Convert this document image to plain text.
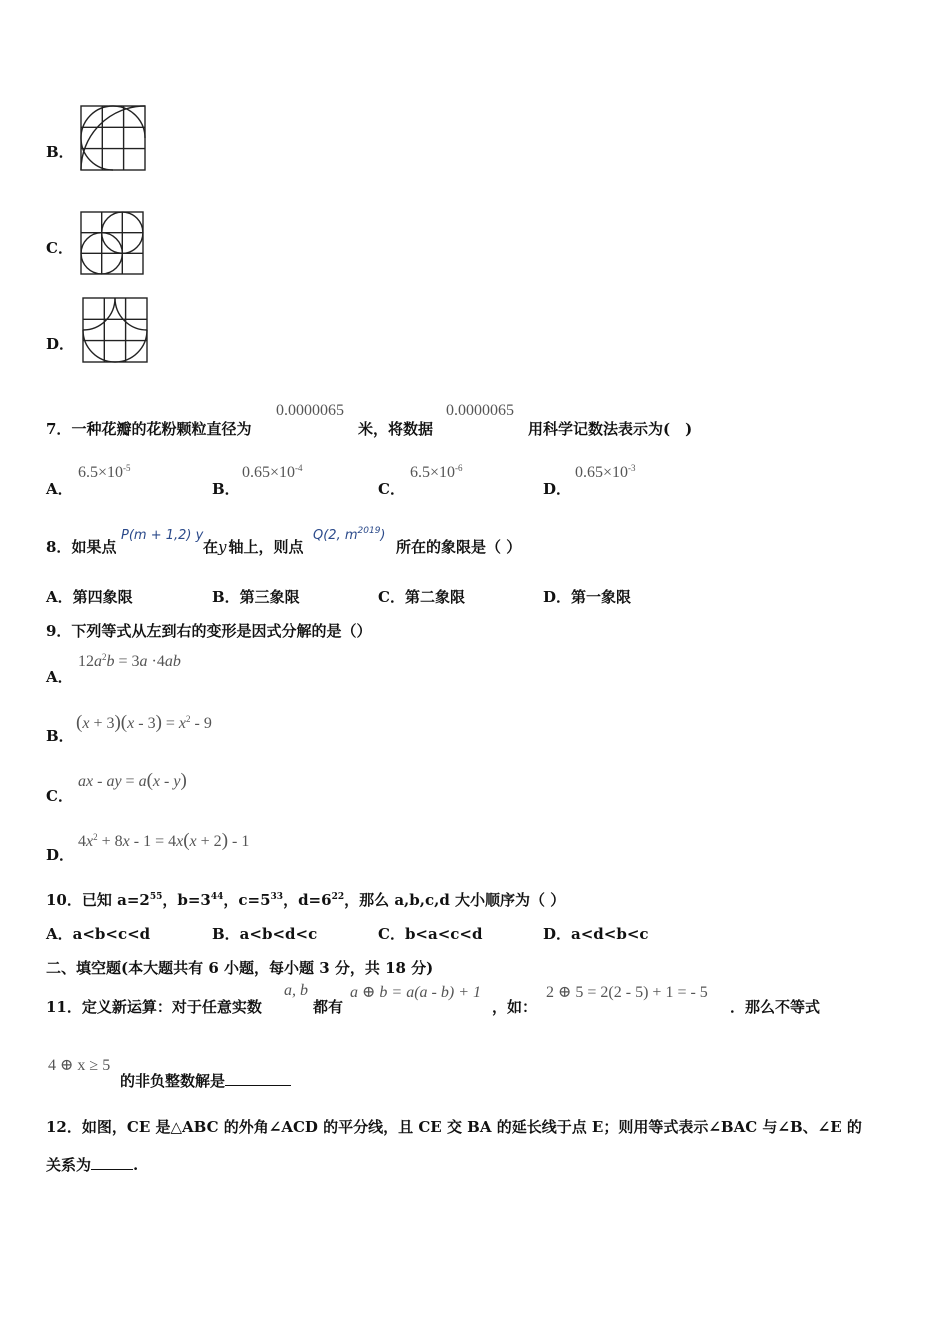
B．
C．
D．
7．一种花瓣的花粉颗粒直径为
0.0000065
米，将数据
0.0000065
用科学记数法表示为(　)
A．
$6.5\times 10^{-5}$
B．
$0.65\times 10^{-4}$
C．
$6.5\times 10^{-6}$
D．
$0.65\times 10^{-3}$
8．如果点
P(m + 1,2) y
在 y 轴上，则点
Q(2, $m^{2019}$)
所在的象限是（ ）
A．第四象限	B．第三象限	C．第二象限	D．第一象限
9．下列等式从左到右的变形是因式分解的是（）
A．
$12a^2b = 3a \cdot 4ab$
B．
$(x + 3)(x - 3) = x^2 - 9$
C．
ax - ay = a(x - y)
D．
$4x^2 + 8x - 1 = 4x(x + 2) - 1$
10．已知 $a=2^{55}$，$b=3^{44}$，$c=5^{33}$，$d=6^{22}$，那么 a,b,c,d 大小顺序为（ ）
A．a<b<c<d	B．a<b<d<c	C．b<a<c<d	D．a<d<b<c
二、填空题(本大题共有 6 小题，每小题 3 分，共 18 分)
11．定义新运算：对于任意实数
a, b
都有
a ⊕ b = a(a - b) + 1
，如：
2 ⊕ 5 = 2(2 - 5) + 1 = - 5
．那么不等式
4 ⊕ x ≥ 5
的非负整数解是
12．如图，CE 是△ABC 的外角∠ACD 的平分线，且 CE 交 BA 的延长线于点 E；则用等式表示∠BAC 与∠B、∠E 的
关系为	.
